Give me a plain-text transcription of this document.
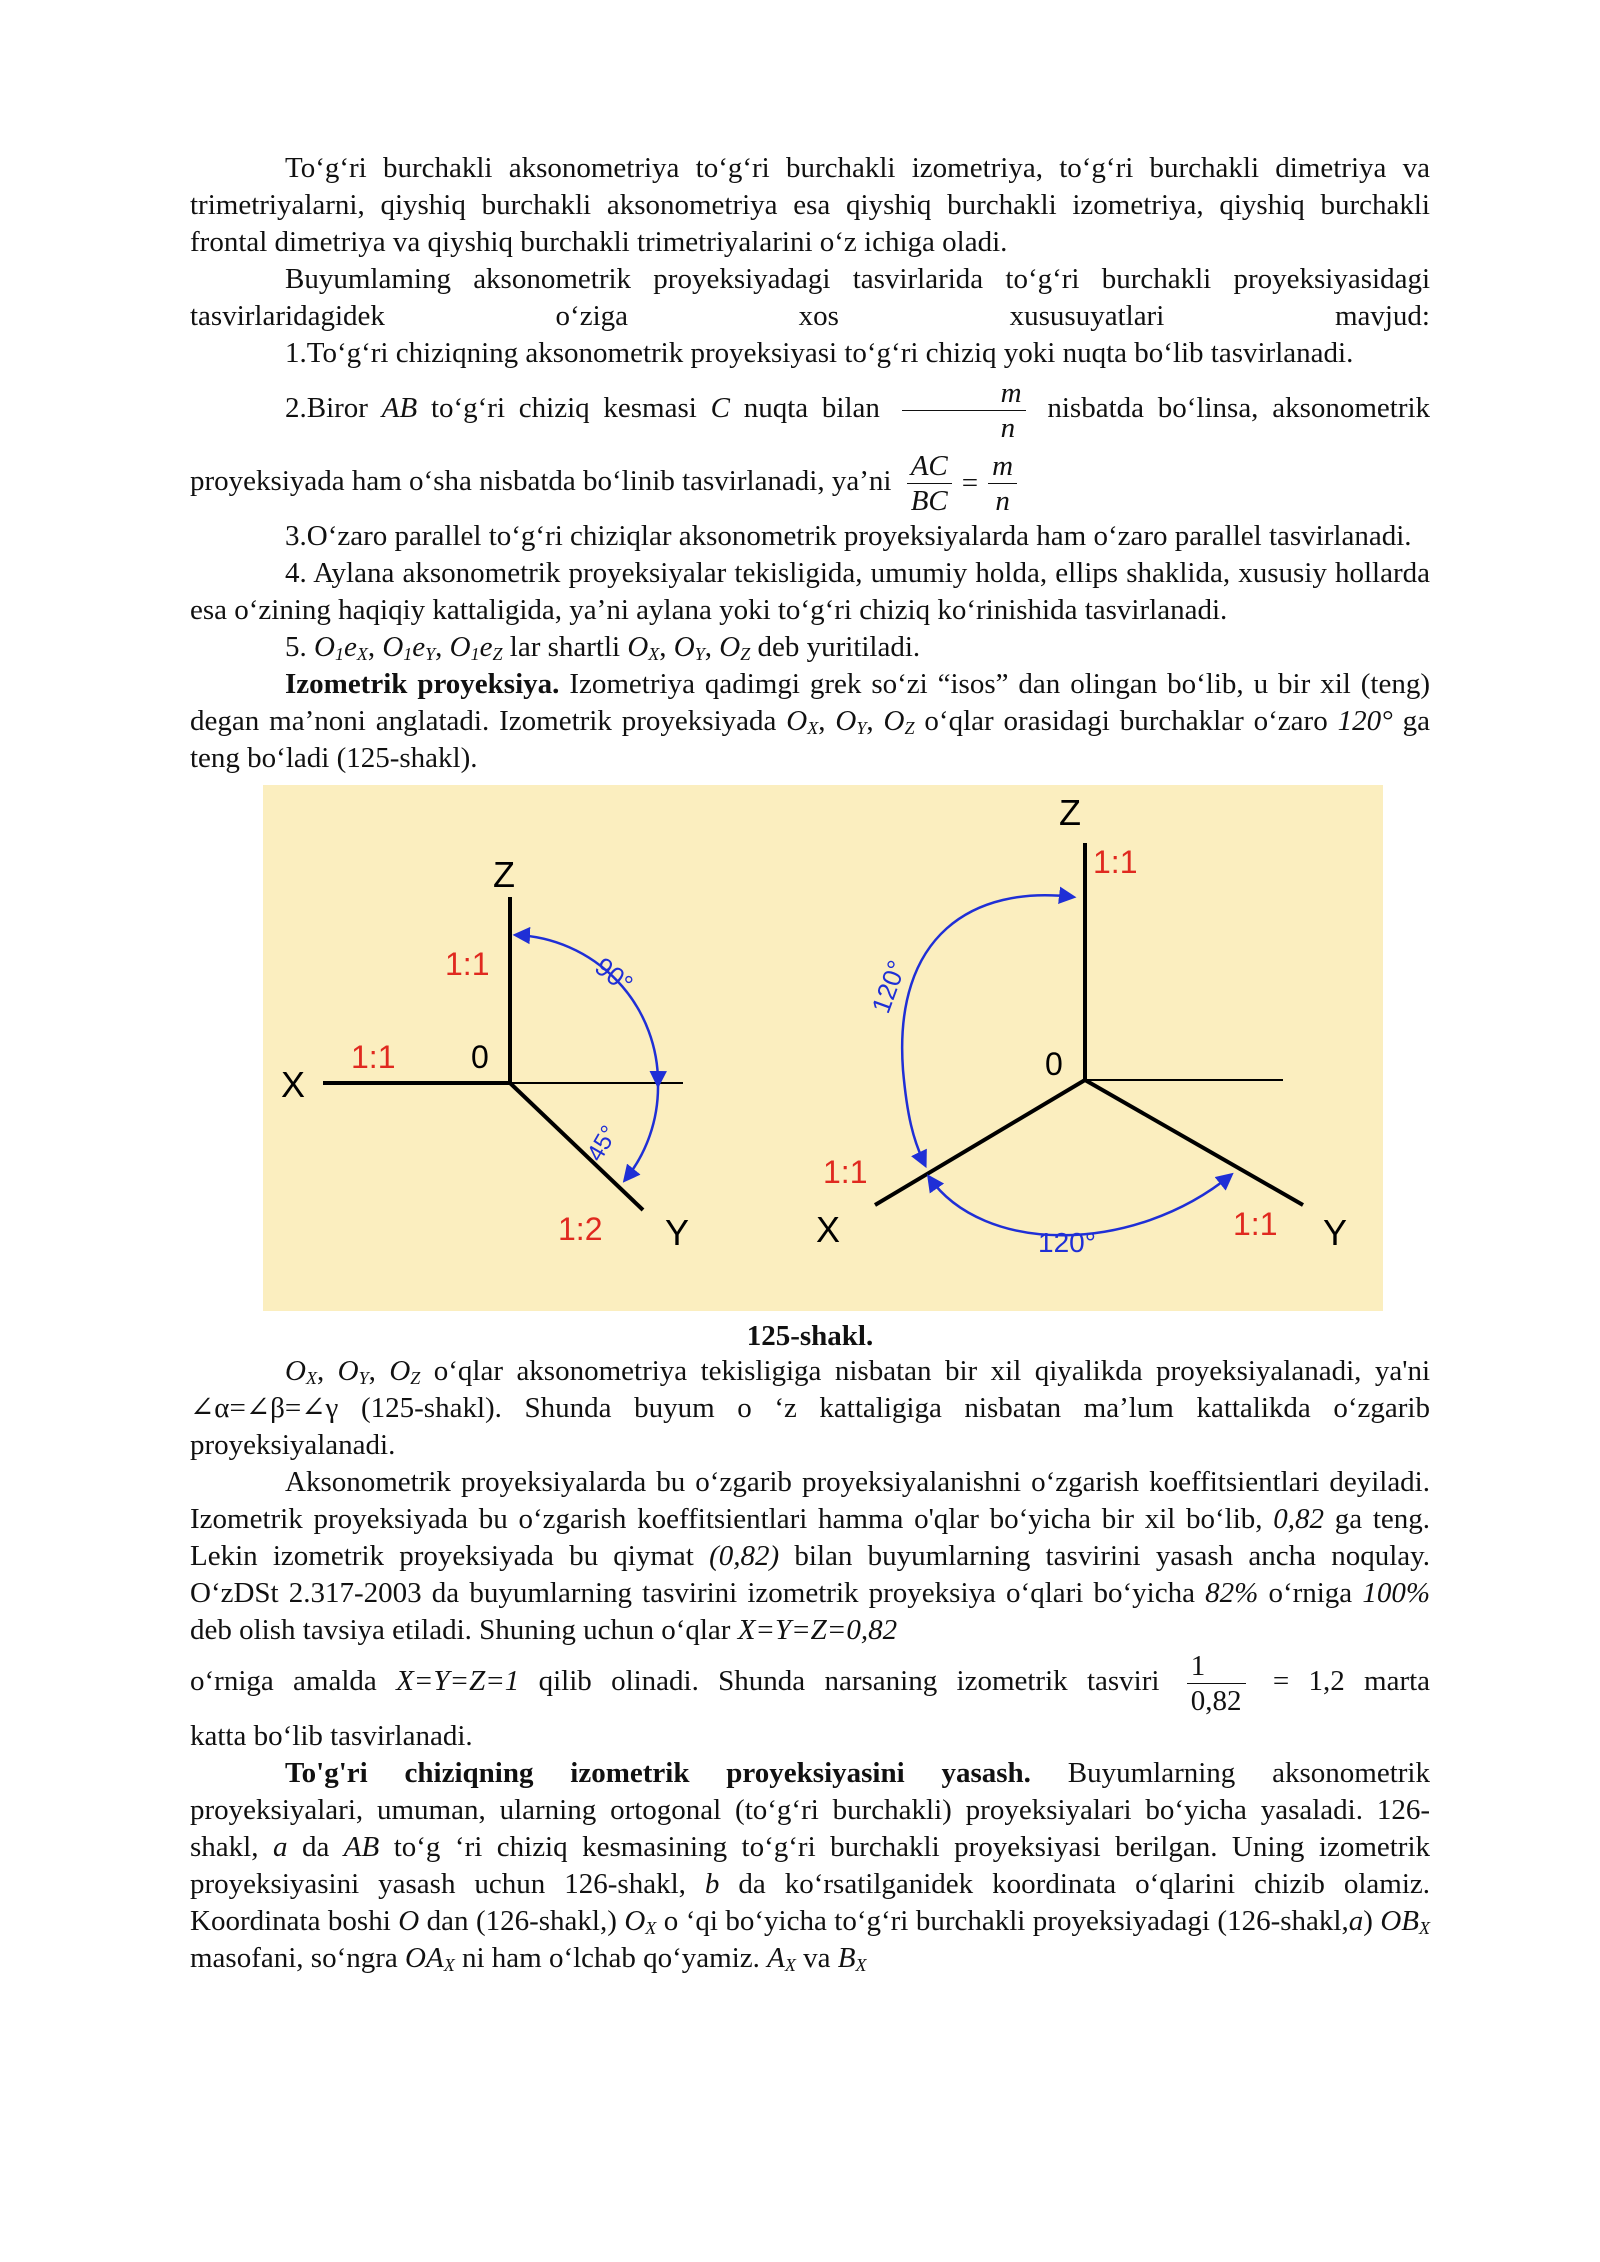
To‘g‘ri burchakli aksonometriya to‘g‘ri burchakli izometriya, to‘g‘ri burchakli dimetriya va trimetriyalarni, qiyshiq burchakli aksonometriya esa qiyshiq burchakli izometriya, qiyshiq burchakli frontal dimetriya va qiyshiq burchakli trimetriyalarini o‘z ichiga oladi.

Buyumlaming aksonometrik proyeksiyadagi tasvirlarida to‘g‘ri burchakli proyeksiyasidagi tasvirlaridagidek o‘ziga xos xususuyatlari mavjud:

1.To‘g‘ri chiziqning aksonometrik proyeksiyasi to‘g‘ri chiziq yoki nuqta bo‘lib tasvirlanadi.

2.Biror AB to‘g‘ri chiziq kesmasi C nuqta bilan $\frac{m}{n}$ nisbatda bo‘linsa, aksonometrik

proyeksiyada ham o‘sha nisbatda bo‘linib tasvirlanadi, ya’ni $\frac{AC}{BC} = \frac{m}{n}$

3.O‘zaro parallel to‘g‘ri chiziqlar aksonometrik proyeksiyalarda ham o‘zaro parallel tasvirlanadi.

4. Aylana aksonometrik proyeksiyalar tekisligida, umumiy holda, ellips shaklida, xususiy hollarda esa o‘zining haqiqiy kattaligida, ya’ni aylana yoki to‘g‘ri chiziq ko‘rinishida tasvirlanadi.

5. $O_1e_X$, $O_1e_Y$, $O_1e_Z$ lar shartli $O_X$, $O_Y$, $O_Z$ deb yuritiladi.

Izometrik proyeksiya. Izometriya qadimgi grek so‘zi “isos” dan olingan bo‘lib, u bir xil (teng) degan ma’noni anglatadi. Izometrik proyeksiyada $O_X$, $O_Y$, $O_Z$ o‘qlar orasidagi burchaklar o‘zaro 120° ga teng bo‘ladi (125-shakl).

Z
X
Y
0
1:1
1:1
1:2
90°
45°
Z
X	Y
0
1:1
1:1
1:1
120°
120°
125-shakl.

$O_X$, $O_Y$, $O_Z$ o‘qlar aksonometriya tekisligiga nisbatan bir xil qiyalikda proyeksiyalanadi, ya'ni ∠α=∠β=∠γ (125-shakl). Shunda buyum o ‘z kattaligiga nisbatan ma’lum kattalikda o‘zgarib proyeksiyalanadi.

Aksonometrik proyeksiyalarda bu o‘zgarib proyeksiyalanishni o‘zgarish koeffitsientlari deyiladi. Izometrik proyeksiyada bu o‘zgarish koeffitsientlari hamma o'qlar bo‘yicha bir xil bo‘lib, 0,82 ga teng. Lekin izometrik proyeksiyada bu qiymat (0,82) bilan buyumlarning tasvirini yasash ancha noqulay. O‘zDSt 2.317-2003 da buyumlarning tasvirini izometrik proyeksiya o‘qlari bo‘yicha 82% o‘rniga 100% deb olish tavsiya etiladi. Shuning uchun o‘qlar X=Y=Z=0,82

o‘rniga amalda X=Y=Z=1 qilib olinadi. Shunda narsaning izometrik tasviri $\frac{1}{0,82} = 1,2$ marta

katta bo‘lib tasvirlanadi.

To'g'ri chiziqning izometrik proyeksiyasini yasash. Buyumlarning aksonometrik proyeksiyalari, umuman, ularning ortogonal (to‘g‘ri burchakli) proyeksiyalari bo‘yicha yasaladi. 126-shakl, a da AB to‘g ‘ri chiziq kesmasining to‘g‘ri burchakli proyeksiyasi berilgan. Uning izometrik proyeksiyasini yasash uchun 126-shakl, b da ko‘rsatilganidek koordinata o‘qlarini chizib olamiz. Koordinata boshi O dan (126-shakl,) $O_X$ o ‘qi bo‘yicha to‘g‘ri burchakli proyeksiyadagi (126-shakl,a) $OB_X$ masofani, so‘ngra $OA_X$ ni ham o‘lchab qo‘yamiz. $A_X$ va $B_X$
